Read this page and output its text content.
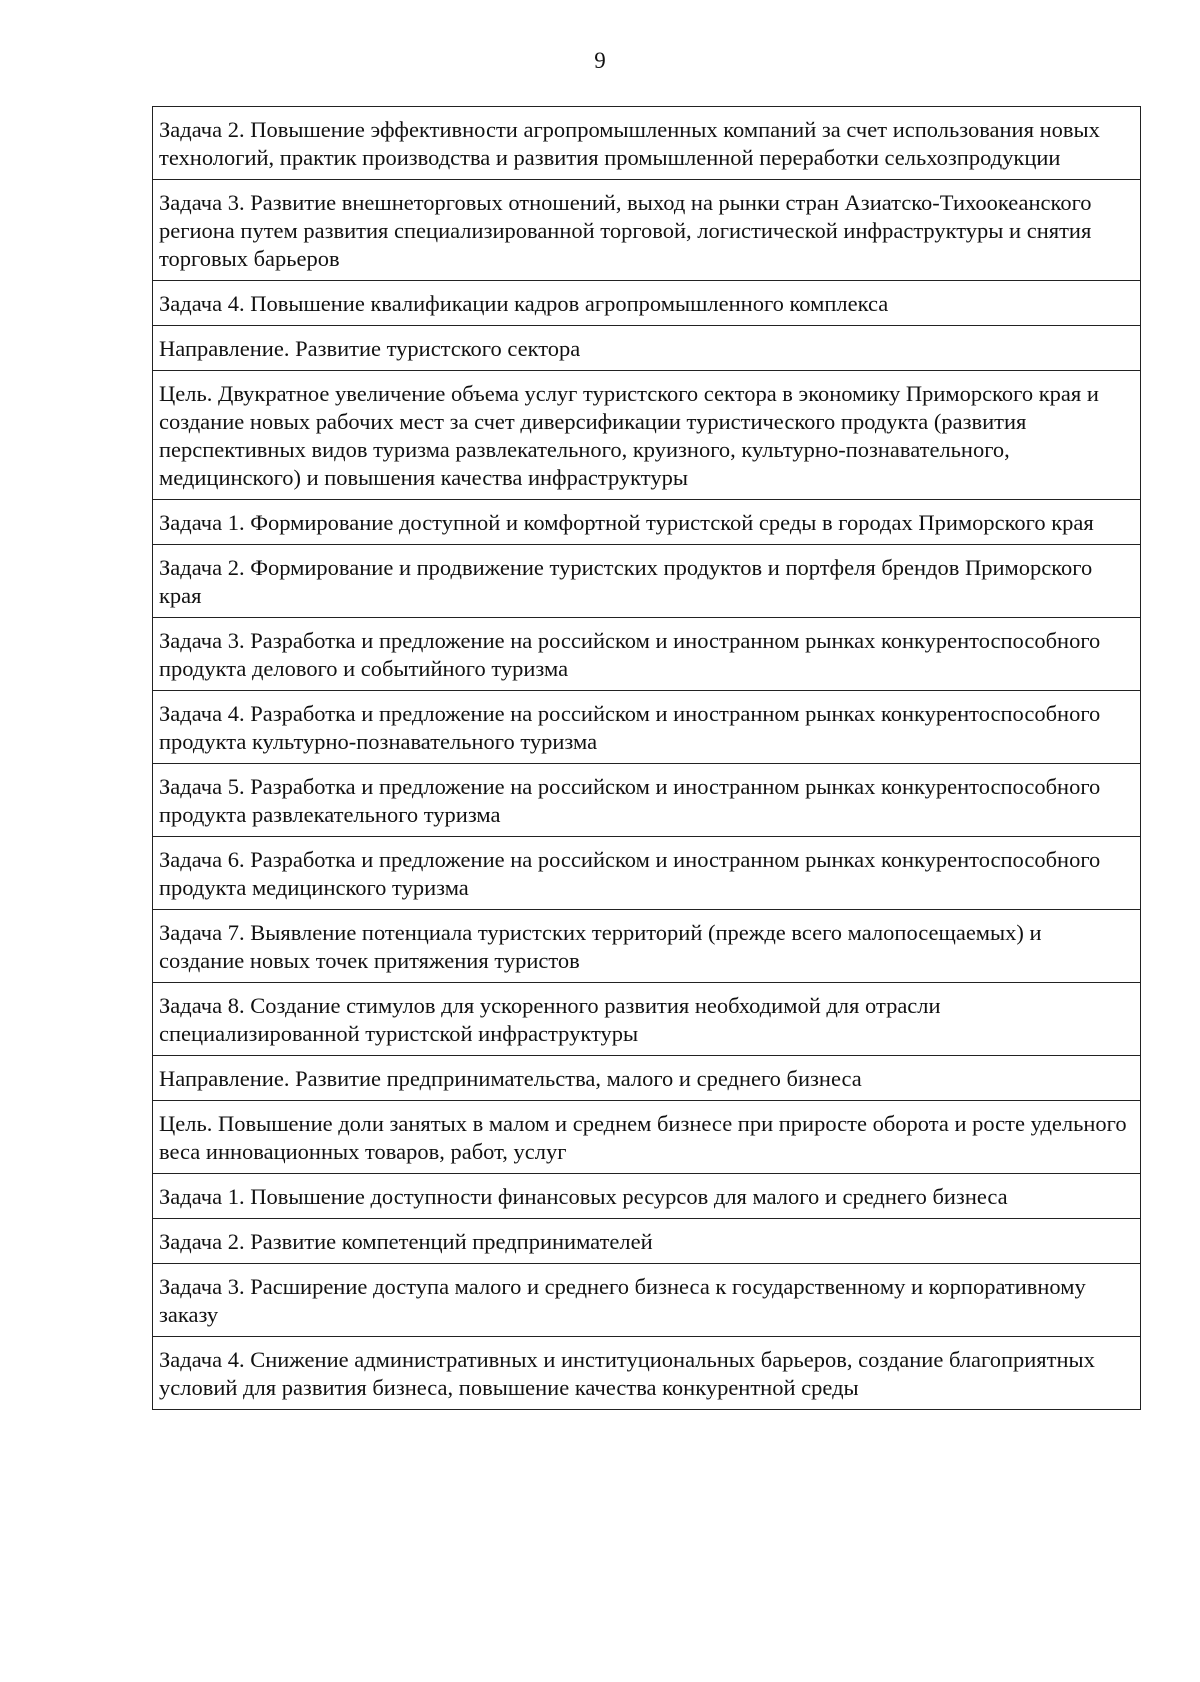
9
Задача 2. Повышение эффективности агропромышленных компаний за счет использования новых технологий, практик производства и развития промышленной переработки сельхозпродукции
Задача 3. Развитие внешнеторговых отношений, выход на рынки стран Азиатско-Тихоокеанского региона путем развития специализированной торговой, логистической инфраструктуры и снятия торговых барьеров
Задача 4. Повышение квалификации кадров агропромышленного комплекса
Направление. Развитие туристского сектора
Цель. Двукратное увеличение объема услуг туристского сектора в экономику Приморского края и создание новых рабочих мест за счет диверсификации туристического продукта (развития перспективных видов туризма развлекательного, круизного, культурно-познавательного, медицинского) и повышения качества инфраструктуры
Задача 1. Формирование доступной и комфортной туристской среды в городах Приморского края
Задача 2. Формирование и продвижение туристских продуктов и портфеля брендов Приморского края
Задача 3. Разработка и предложение на российском и иностранном рынках конкурентоспособного продукта делового и событийного туризма
Задача 4. Разработка и предложение на российском и иностранном рынках конкурентоспособного продукта культурно-познавательного туризма
Задача 5. Разработка и предложение на российском и иностранном рынках конкурентоспособного продукта развлекательного туризма
Задача 6. Разработка и предложение на российском и иностранном рынках конкурентоспособного продукта медицинского туризма
Задача 7. Выявление потенциала туристских территорий (прежде всего малопосещаемых) и создание новых точек притяжения туристов
Задача 8. Создание стимулов для ускоренного развития необходимой для отрасли специализированной туристской инфраструктуры
Направление. Развитие предпринимательства, малого и среднего бизнеса
Цель. Повышение доли занятых в малом и среднем бизнесе при приросте оборота и росте удельного веса инновационных товаров, работ, услуг
Задача 1. Повышение доступности финансовых ресурсов для малого и среднего бизнеса
Задача 2. Развитие компетенций предпринимателей
Задача 3. Расширение доступа малого и среднего бизнеса к государственному и корпоративному заказу
Задача 4. Снижение административных и институциональных барьеров, создание благоприятных условий для развития бизнеса, повышение качества конкурентной среды
